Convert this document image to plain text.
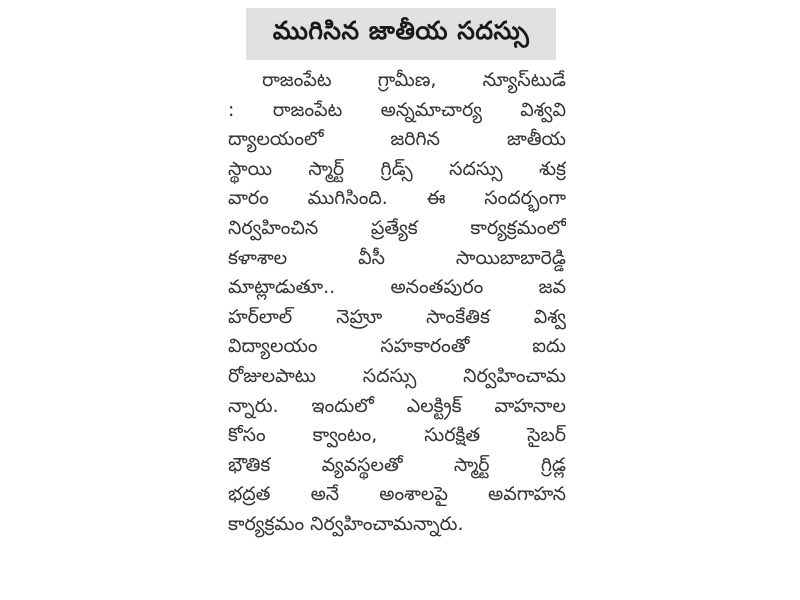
ముగిసిన జాతీయ సదస్సు
రాజంపేట గ్రామీణ, న్యూస్‌టుడే
: రాజంపేట అన్నమాచార్య విశ్వవి
ద్యాలయంలో జరిగిన జాతీయ
స్థాయి స్మార్ట్ గ్రిడ్స్ సదస్సు శుక్ర
వారం ముగిసింది. ఈ సందర్భంగా
నిర్వహించిన ప్రత్యేక కార్యక్రమంలో
కళాశాల వీసీ సాయిబాబారెడ్డి
మాట్లాడుతూ.. అనంతపురం జవ
హర్‌లాల్ నెహ్రూ సాంకేతిక విశ్వ
విద్యాలయం సహకారంతో ఐదు
రోజులపాటు సదస్సు నిర్వహించామ
న్నారు. ఇందులో ఎలక్ట్రిక్ వాహనాల
కోసం క్వాంటం, సురక్షిత సైబర్
భౌతిక వ్యవస్థలతో స్మార్ట్ గ్రిడ్ల
భద్రత అనే అంశాలపై అవగాహన
కార్యక్రమం నిర్వహించామన్నారు.
